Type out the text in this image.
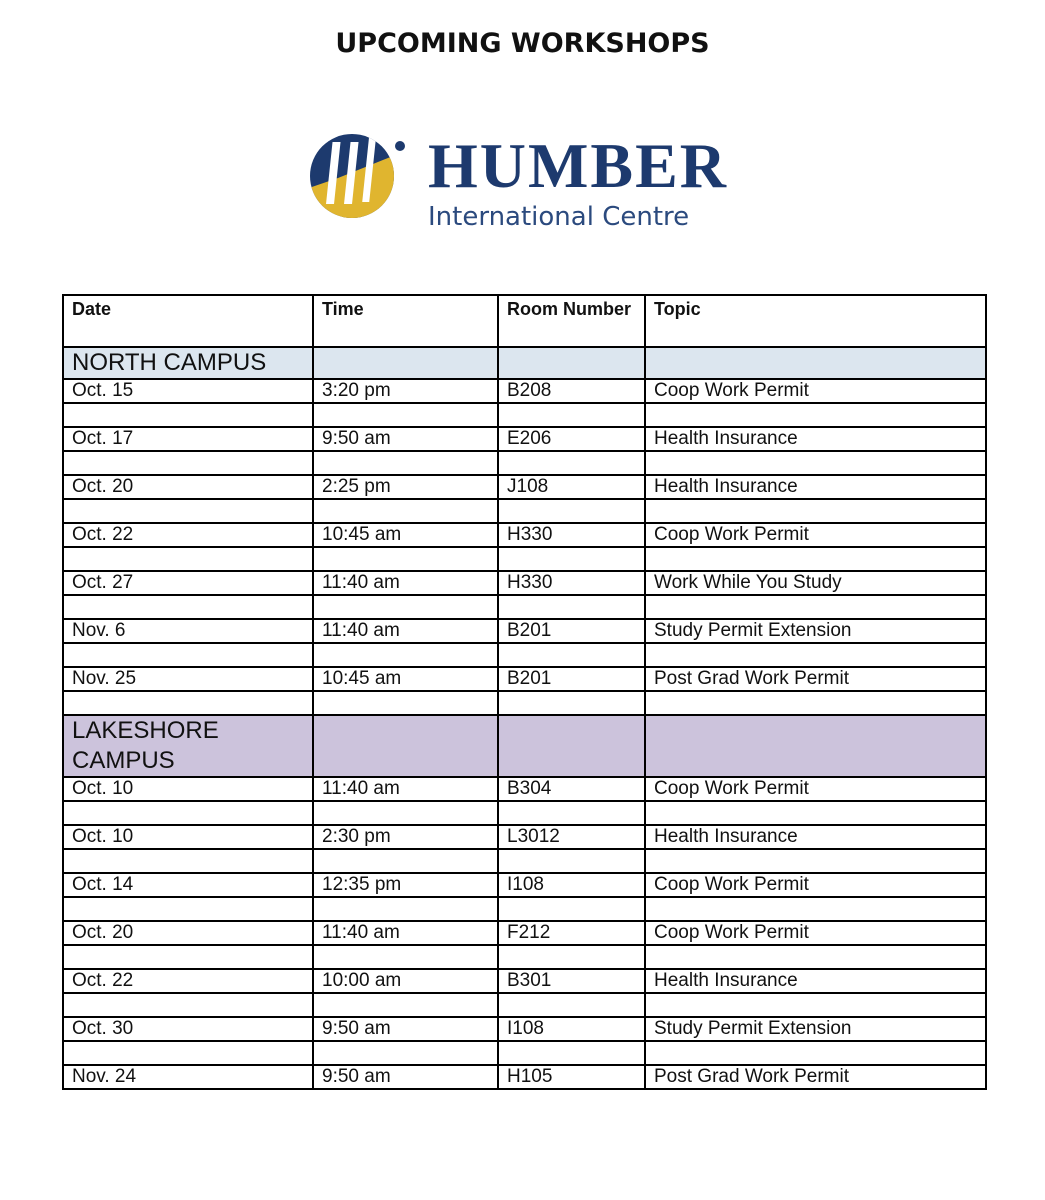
UPCOMING WORKSHOPS
HUMBER
International Centre
Date	Time	Room Number	Topic
NORTH CAMPUS			
Oct. 15	3:20 pm	B208	Coop Work Permit

Oct. 17	9:50 am	E206	Health Insurance

Oct. 20	2:25 pm	J108	Health Insurance

Oct. 22	10:45 am	H330	Coop Work Permit

Oct. 27	11:40 am	H330	Work While You Study

Nov. 6	11:40 am	B201	Study Permit Extension

Nov. 25	10:45 am	B201	Post Grad Work Permit

LAKESHORE CAMPUS			
Oct. 10	11:40 am	B304	Coop Work Permit

Oct. 10	2:30 pm	L3012	Health Insurance

Oct. 14	12:35 pm	I108	Coop Work Permit

Oct. 20	11:40 am	F212	Coop Work Permit

Oct. 22	10:00 am	B301	Health Insurance

Oct. 30	9:50 am	I108	Study Permit Extension

Nov. 24	9:50 am	H105	Post Grad Work Permit
